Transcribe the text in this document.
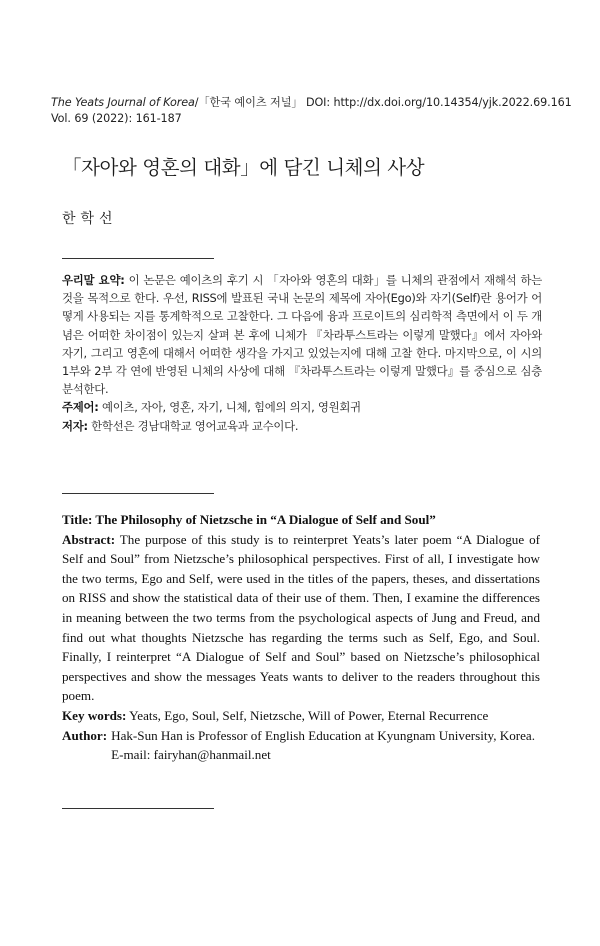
The Yeats Journal of Korea/「한국 예이츠 저널」 DOI: http://dx.doi.org/10.14354/yjk.2022.69.161
Vol. 69 (2022): 161-187
「자아와 영혼의 대화」에 담긴 니체의 사상
한학선

우리말 요약: 이 논문은 예이츠의 후기 시 「자아와 영혼의 대화」를 니체의 관점에서 재해석 하는 것을 목적으로 한다. 우선, RISS에 발표된 국내 논문의 제목에 자아(Ego)와 자기(Self)란 용어가 어떻게 사용되는 지를 통계학적으로 고찰한다. 그 다음에 융과 프로이트의 심리학적 측면에서 이 두 개념은 어떠한 차이점이 있는지 살펴 본 후에 니체가 『차라투스트라는 이렇게 말했다』에서 자아와 자기, 그리고 영혼에 대해서 어떠한 생각을 가지고 있었는지에 대해 고찰 한다. 마지막으로, 이 시의 1부와 2부 각 연에 반영된 니체의 사상에 대해 『차라투스트라는 이렇게 말했다』를 중심으로 심층 분석한다.

주제어: 예이츠, 자아, 영혼, 자기, 니체, 힘에의 의지, 영원회귀

저자: 한학선은 경남대학교 영어교육과 교수이다.

Title: The Philosophy of Nietzsche in “A Dialogue of Self and Soul”

Abstract: The purpose of this study is to reinterpret Yeats’s later poem “A Dialogue of Self and Soul” from Nietzsche’s philosophical perspectives. First of all, I investigate how the two terms, Ego and Self, were used in the titles of the papers, theses, and dissertations on RISS and show the statistical data of their use of them. Then, I examine the differences in meaning between the two terms from the psychological aspects of Jung and Freud, and find out what thoughts Nietzsche has regarding the terms such as Self, Ego, and Soul. Finally, I reinterpret “A Dialogue of Self and Soul” based on Nietzsche’s philosophical perspectives and show the messages Yeats wants to deliver to the readers throughout this poem.

Key words: Yeats, Ego, Soul, Self, Nietzsche, Will of Power, Eternal Recurrence

Author: Hak-Sun Han is Professor of English Education at Kyungnam University, Korea.
E-mail: fairyhan@hanmail.net
